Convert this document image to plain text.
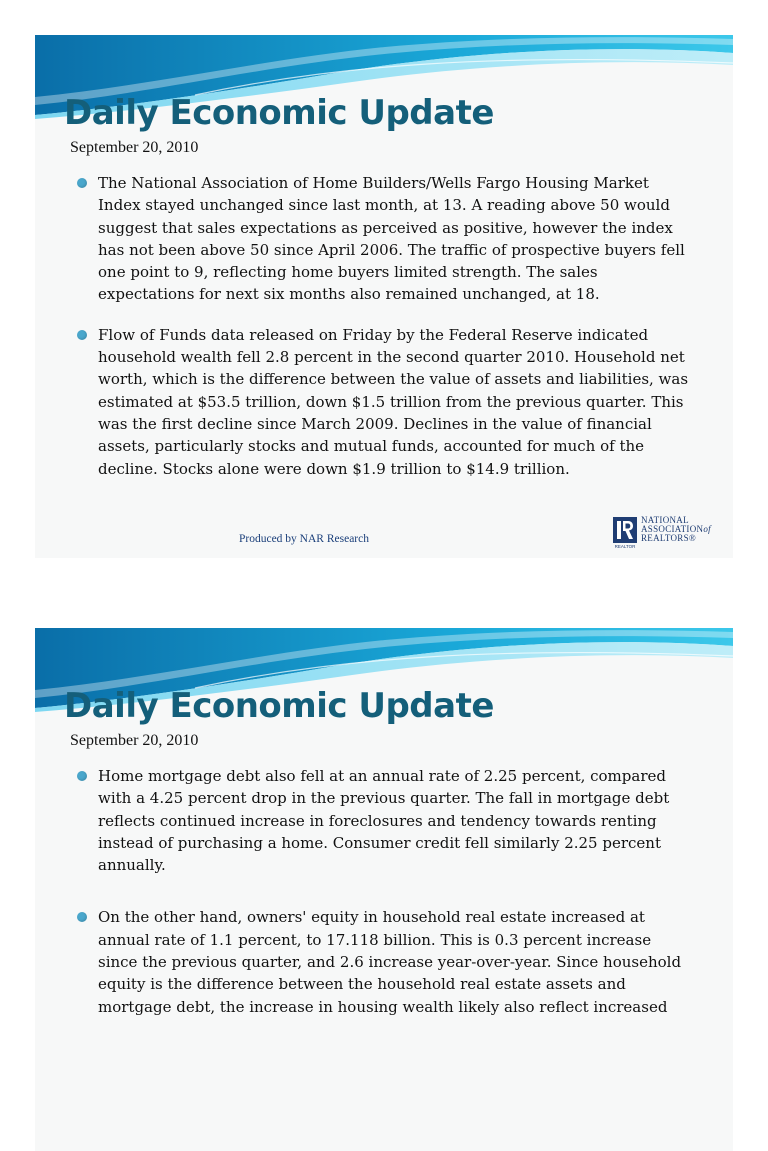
Daily Economic Update
September 20, 2010
The National Association of Home Builders/Wells Fargo Housing Market Index stayed unchanged since last month, at 13. A reading above 50 would suggest that sales expectations as perceived as positive, however the index has not been above 50 since April 2006. The traffic of prospective buyers fell one point to 9, reflecting home buyers limited strength. The sales expectations for next six months also remained unchanged, at 18.
Flow of Funds data released on Friday by the Federal Reserve indicated household wealth fell 2.8 percent in the second quarter 2010. Household net worth, which is the difference between the value of assets and liabilities, was estimated at $53.5 trillion, down $1.5 trillion from the previous quarter. This was the first decline since March 2009. Declines in the value of financial assets, particularly stocks and mutual funds, accounted for much of the decline. Stocks alone were down $1.9 trillion to $14.9 trillion.
Produced by NAR Research
REALTOR
NATIONAL
ASSOCIATIONof
REALTORS®
Daily Economic Update
September 20, 2010
Home mortgage debt also fell at an annual rate of 2.25 percent, compared with a 4.25 percent drop in the previous quarter. The fall in mortgage debt reflects continued increase in foreclosures and tendency towards renting instead of purchasing a home. Consumer credit fell similarly 2.25 percent annually.
On the other hand, owners' equity in household real estate increased at annual rate of 1.1 percent, to 17.118 billion. This is 0.3 percent increase since the previous quarter, and 2.6 increase year-over-year. Since household equity is the difference between the household real estate assets and mortgage debt, the increase in housing wealth likely also reflect increased
